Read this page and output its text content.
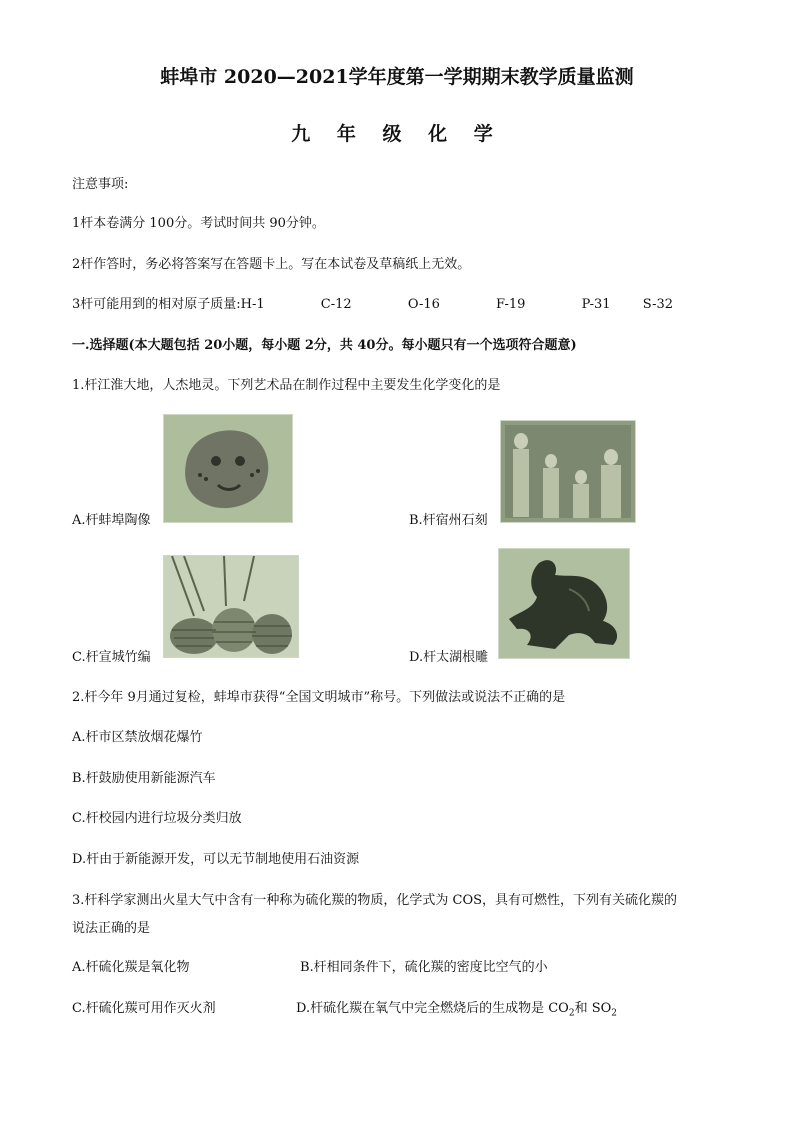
蚌埠市 2020—2021学年度第一学期期末教学质量监测
九 年 级 化 学
注意事项:
1杆本卷满分 100分。考试时间共 90分钟。
2杆作答时，务必将答案写在答题卡上。写在本试卷及草稿纸上无效。
3杆可能用到的相对原子质量:H-1	C-12	O-16	F-19	P-31 S-32
一.选择题(本大题包括 20小题，每小题 2分，共 40分。每小题只有一个选项符合题意)
1.杆江淮大地，人杰地灵。下列艺术品在制作过程中主要发生化学变化的是
A.杆蚌埠陶像	B.杆宿州石刻
C.杆宣城竹编	D.杆太湖根雕
2.杆今年 9月通过复检，蚌埠市获得“全国文明城市”称号。下列做法或说法不正确的是
A.杆市区禁放烟花爆竹
B.杆鼓励使用新能源汽车
C.杆校园内进行垃圾分类归放
D.杆由于新能源开发，可以无节制地使用石油资源
3.杆科学家测出火星大气中含有一种称为硫化羰的物质，化学式为 COS，具有可燃性，下列有关硫化羰的
说法正确的是
A.杆硫化羰是氧化物	B.杆相同条件下，硫化羰的密度比空气的小
C.杆硫化羰可用作灭火剂	D.杆硫化羰在氧气中完全燃烧后的生成物是 $CO_2$和 $SO_2$
